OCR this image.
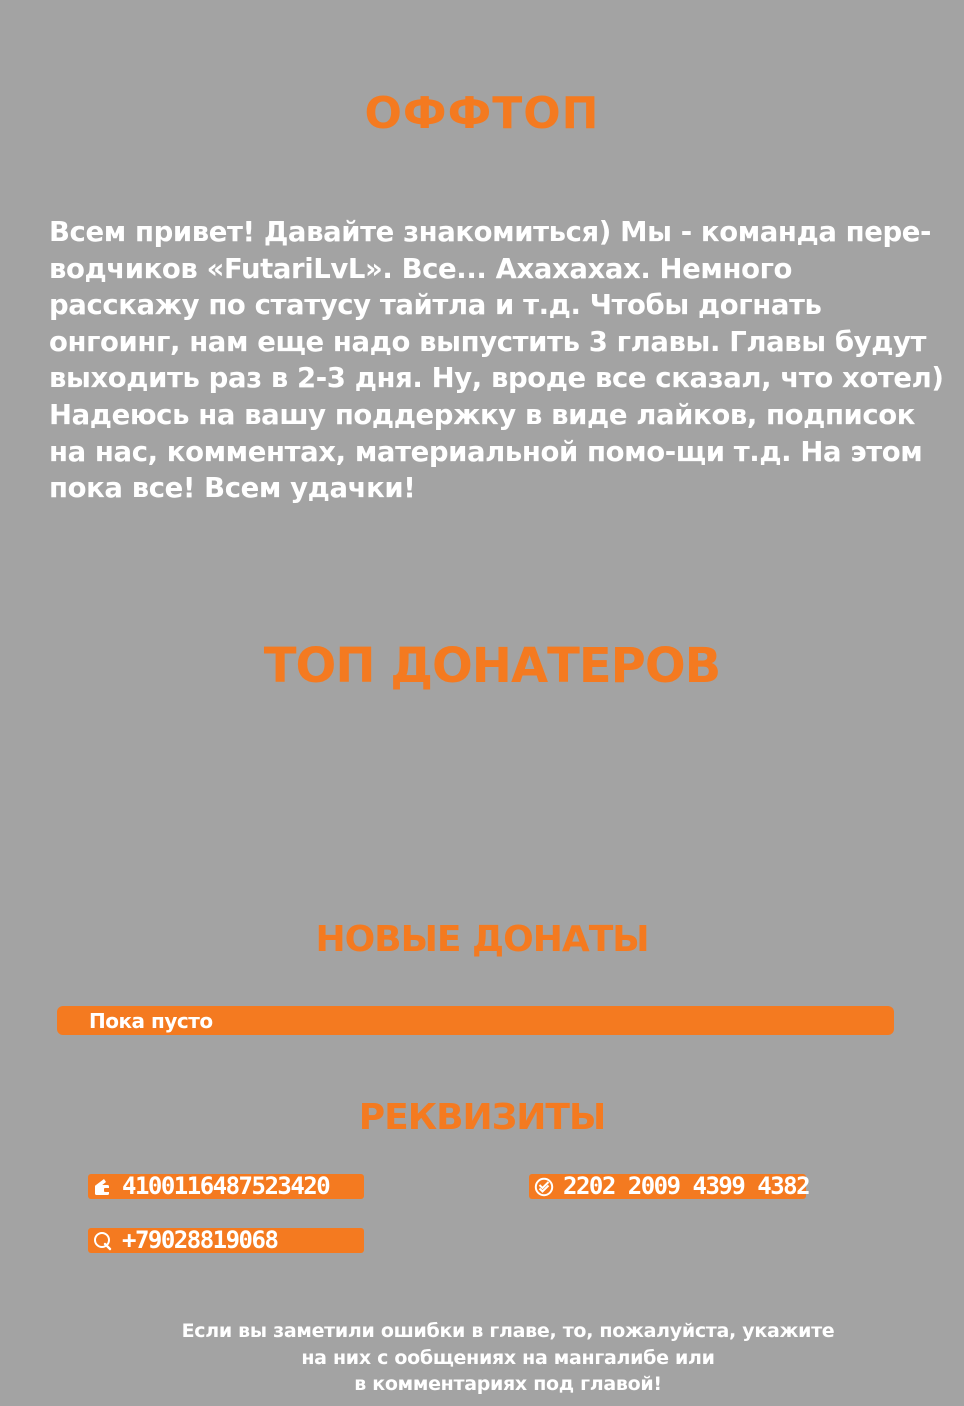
ОФФТОП

Всем привет! Давайте знакомиться) Мы - команда пере-водчиков «FutariLvL». Все... Ахахахах. Немного расскажу по статусу тайтла и т.д. Чтобы догнать онгоинг, нам еще надо выпустить 3 главы. Главы будут выходить раз в 2-3 дня. Ну, вроде все сказал, что хотел) Надеюсь на вашу поддержку в виде лайков, подписок на нас, комментах, материальной помо-щи т.д. На этом пока все! Всем удачки!

ТОП ДОНАТЕРОВ
НОВЫЕ ДОНАТЫ
Пока пусто
РЕКВИЗИТЫ
4100116487523420	2202 2009 4399 4382
+79028819068
Если вы заметили ошибки в главе, то, пожалуйста, укажите
на них с ообщениях на мангалибе или
в комментариях под главой!
